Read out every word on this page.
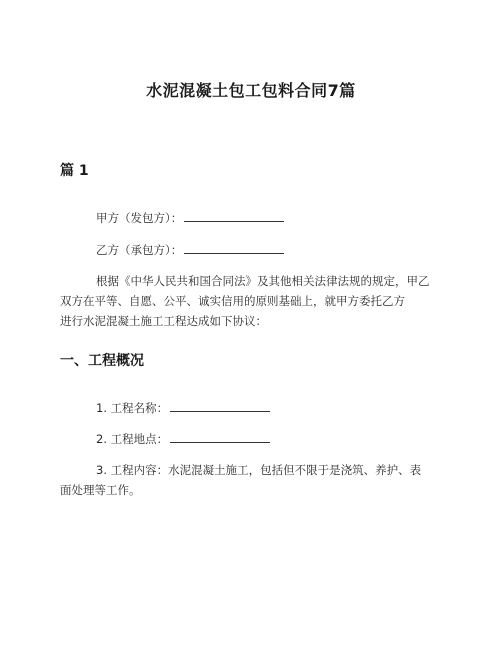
水泥混凝土包工包料合同7篇
篇 1
甲方（发包方）：
乙方（承包方）：
根据《中华人民共和国合同法》及其他相关法律法规的规定，甲乙
双方在平等、自愿、公平、诚实信用的原则基础上，就甲方委托乙方
进行水泥混凝土施工工程达成如下协议：
一、工程概况
1. 工程名称：
2. 工程地点：
3. 工程内容：水泥混凝土施工，包括但不限于是浇筑、养护、表
面处理等工作。
